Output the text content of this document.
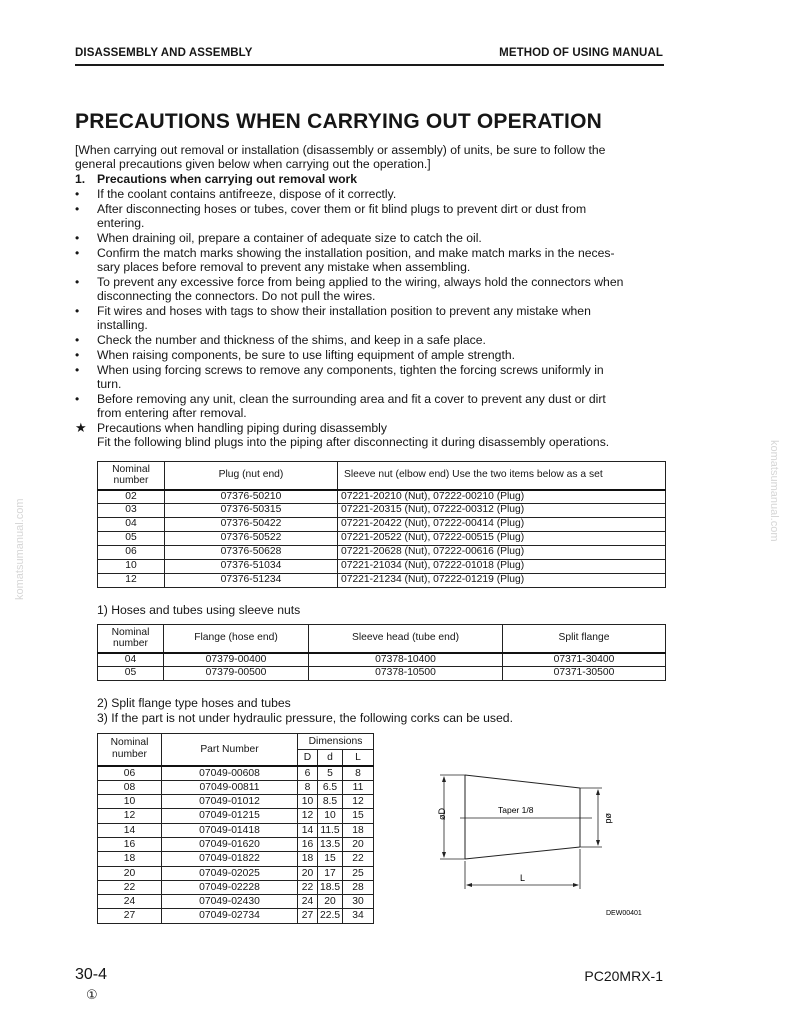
DISASSEMBLY AND ASSEMBLY	METHOD OF USING MANUAL
PRECAUTIONS WHEN CARRYING OUT OPERATION
[When carrying out removal or installation (disassembly or assembly) of units, be sure to follow the
general precautions given below when carrying out the operation.]
1. Precautions when carrying out removal work
• If the coolant contains antifreeze, dispose of it correctly.
• After disconnecting hoses or tubes, cover them or fit blind plugs to prevent dirt or dust from
entering.
• When draining oil, prepare a container of adequate size to catch the oil.
• Confirm the match marks showing the installation position, and make match marks in the neces-
sary places before removal to prevent any mistake when assembling.
• To prevent any excessive force from being applied to the wiring, always hold the connectors when
disconnecting the connectors. Do not pull the wires.
• Fit wires and hoses with tags to show their installation position to prevent any mistake when
installing.
• Check the number and thickness of the shims, and keep in a safe place.
• When raising components, be sure to use lifting equipment of ample strength.
• When using forcing screws to remove any components, tighten the forcing screws uniformly in
turn.
• Before removing any unit, clean the surrounding area and fit a cover to prevent any dust or dirt
from entering after removal.
★ Precautions when handling piping during disassembly
Fit the following blind plugs into the piping after disconnecting it during disassembly operations.
Nominal number	Plug (nut end)	Sleeve nut (elbow end) Use the two items below as a set
02	07376-50210	07221-20210 (Nut), 07222-00210 (Plug)
03	07376-50315	07221-20315 (Nut), 07222-00312 (Plug)
04	07376-50422	07221-20422 (Nut), 07222-00414 (Plug)
05	07376-50522	07221-20522 (Nut), 07222-00515 (Plug)
06	07376-50628	07221-20628 (Nut), 07222-00616 (Plug)
10	07376-51034	07221-21034 (Nut), 07222-01018 (Plug)
12	07376-51234	07221-21234 (Nut), 07222-01219 (Plug)
1) Hoses and tubes using sleeve nuts
Nominal number	Flange (hose end)	Sleeve head (tube end)	Split flange
04	07379-00400	07378-10400	07371-30400
05	07379-00500	07378-10500	07371-30500
2) Split flange type hoses and tubes
3) If the part is not under hydraulic pressure, the following corks can be used.
Nominal number	Part Number	Dimensions		
		D	d	L
06	07049-00608	6	5	8
08	07049-00811	8	6.5	11
10	07049-01012	10	8.5	12
12	07049-01215	12	10	15
14	07049-01418	14	11.5	18
16	07049-01620	16	13.5	20
18	07049-01822	18	15	22
20	07049-02025	20	17	25
22	07049-02228	22	18.5	28
24	07049-02430	24	20	30
27	07049-02734	27	22.5	34
øD	ød
Taper 1/8
L
DEW00401
30-4
①
PC20MRX-1
komatsumanual.com
komatsumanual.com
